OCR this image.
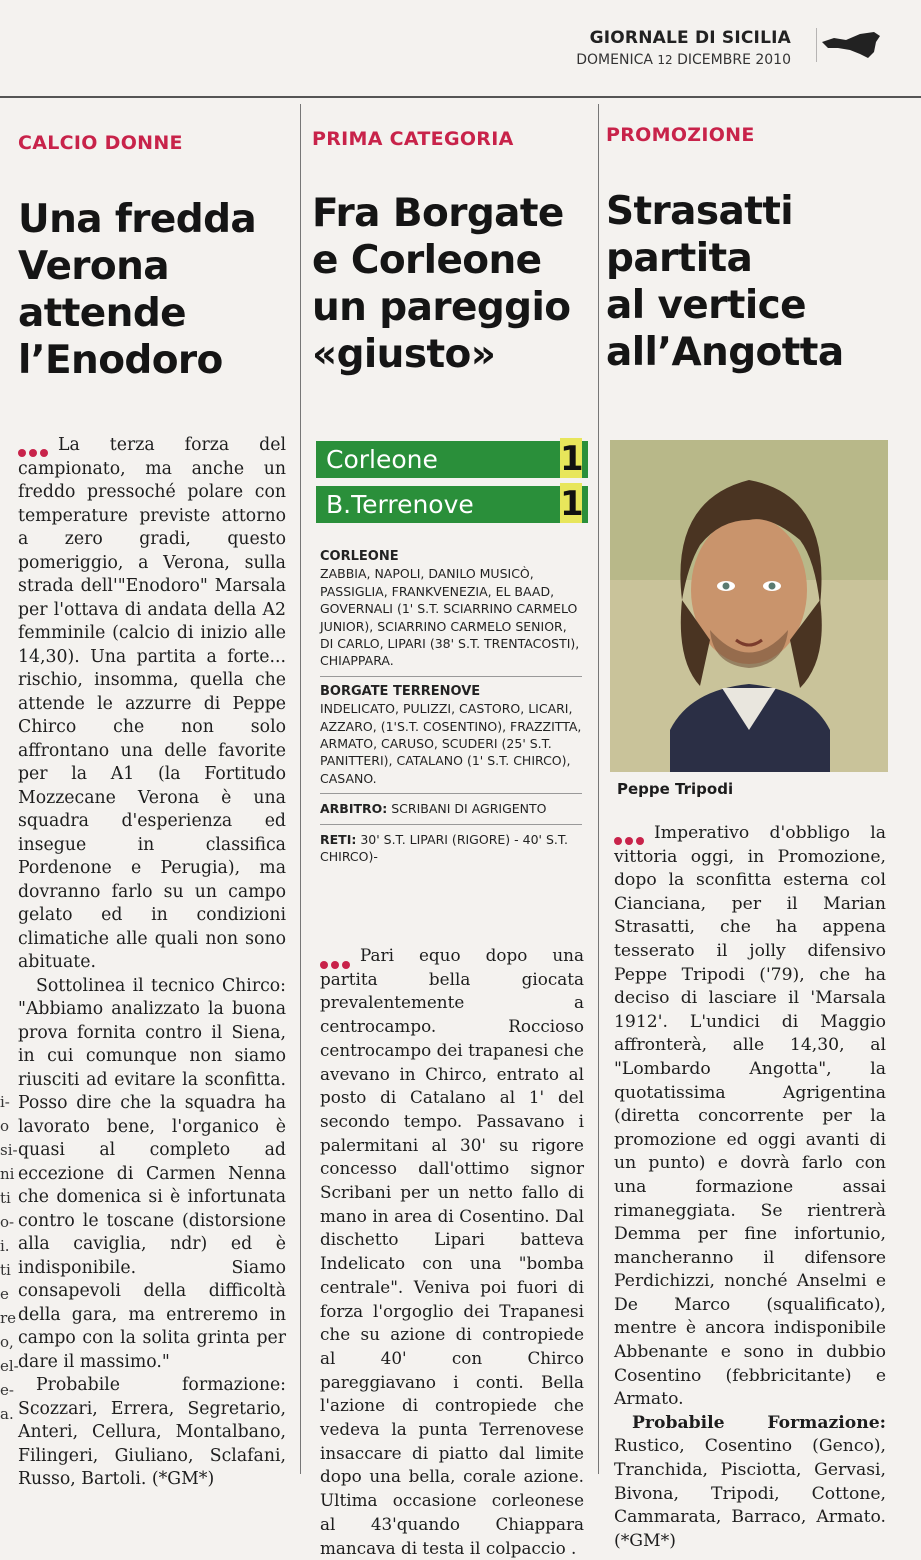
GIORNALE DI SICILIA
DOMENICA 12 DICEMBRE 2010
i-
o
si-
ni
ti
o-
i.
ti
e
re
o,
el-
e-
a.
CALCIO DONNE
Una fredda
Verona
attende
l’Enodoro

La terza forza del campionato, ma anche un freddo pressoché polare con temperature previste attorno a zero gradi, questo pomeriggio, a Verona, sulla strada dell'"Enodoro" Marsala per l'ottava di andata della A2 femminile (calcio di inizio alle 14,30). Una partita a forte... rischio, insomma, quella che attende le azzurre di Peppe Chirco che non solo affrontano una delle favorite per la A1 (la Fortitudo Mozzecane Verona è una squadra d'esperienza ed insegue in classifica Pordenone e Perugia), ma dovranno farlo su un campo gelato ed in condizioni climatiche alle quali non sono abituate.

Sottolinea il tecnico Chirco: "Abbiamo analizzato la buona prova fornita contro il Siena, in cui comunque non siamo riusciti ad evitare la sconfitta. Posso dire che la squadra ha lavorato bene, l'organico è quasi al completo ad eccezione di Carmen Nenna che domenica si è infortunata contro le toscane (distorsione alla caviglia, ndr) ed è indisponibile. Siamo consapevoli della difficoltà della gara, ma entreremo in campo con la solita grinta per dare il massimo."

Probabile formazione: Scozzari, Errera, Segretario, Anteri, Cellura, Montalbano, Filingeri, Giuliano, Sclafani, Russo, Bartoli. (*GM*)

PRIMA CATEGORIA
Fra Borgate
e Corleone
un pareggio
«giusto»
Corleone	1
B.Terrenove	1
CORLEONE
ZABBIA, NAPOLI, DANILO MUSICÒ, PASSIGLIA, FRANKVENEZIA, EL BAAD, GOVERNALI (1' S.T. SCIARRINO CARMELO JUNIOR), SCIARRINO CARMELO SENIOR, DI CARLO, LIPARI (38' S.T. TRENTACOSTI), CHIAPPARA.
BORGATE TERRENOVE
INDELICATO, PULIZZI, CASTORO, LICARI, AZZARO, (1'S.T. COSENTINO), FRAZZITTA, ARMATO, CARUSO, SCUDERI (25' S.T. PANITTERI), CATALANO (1' S.T. CHIRCO), CASANO.
ARBITRO: SCRIBANI DI AGRIGENTO
RETI: 30' S.T. LIPARI (RIGORE) - 40' S.T. CHIRCO)-

Pari equo dopo una partita bella giocata prevalentemente a centrocampo. Roccioso centrocampo dei trapanesi che avevano in Chirco, entrato al posto di Catalano al 1' del secondo tempo. Passavano i palermitani al 30' su rigore concesso dall'ottimo signor Scribani per un netto fallo di mano in area di Cosentino. Dal dischetto Lipari batteva Indelicato con una "bomba centrale". Veniva poi fuori di forza l'orgoglio dei Trapanesi che su azione di contropiede al 40' con Chirco pareggiavano i conti. Bella l'azione di contropiede che vedeva la punta Terrenovese insaccare di piatto dal limite dopo una bella, corale azione. Ultima occasione corleonese al 43'quando Chiappara mancava di testa il colpaccio .

PROMOZIONE
Strasatti
partita
al vertice
all’Angotta
Peppe Tripodi

Imperativo d'obbligo la vittoria oggi, in Promozione, dopo la sconfitta esterna col Cianciana, per il Marian Strasatti, che ha appena tesserato il jolly difensivo Peppe Tripodi ('79), che ha deciso di lasciare il 'Marsala 1912'. L'undici di Maggio affronterà, alle 14,30, al "Lombardo Angotta", la quotatissima Agrigentina (diretta concorrente per la promozione ed oggi avanti di un punto) e dovrà farlo con una formazione assai rimaneggiata. Se rientrerà Demma per fine infortunio, mancheranno il difensore Perdichizzi, nonché Anselmi e De Marco (squalificato), mentre è ancora indisponibile Abbenante e sono in dubbio Cosentino (febbricitante) e Armato.

Probabile Formazione: Rustico, Cosentino (Genco), Tranchida, Pisciotta, Gervasi, Bivona, Tripodi, Cottone, Cammarata, Barraco, Armato. (*GM*)
